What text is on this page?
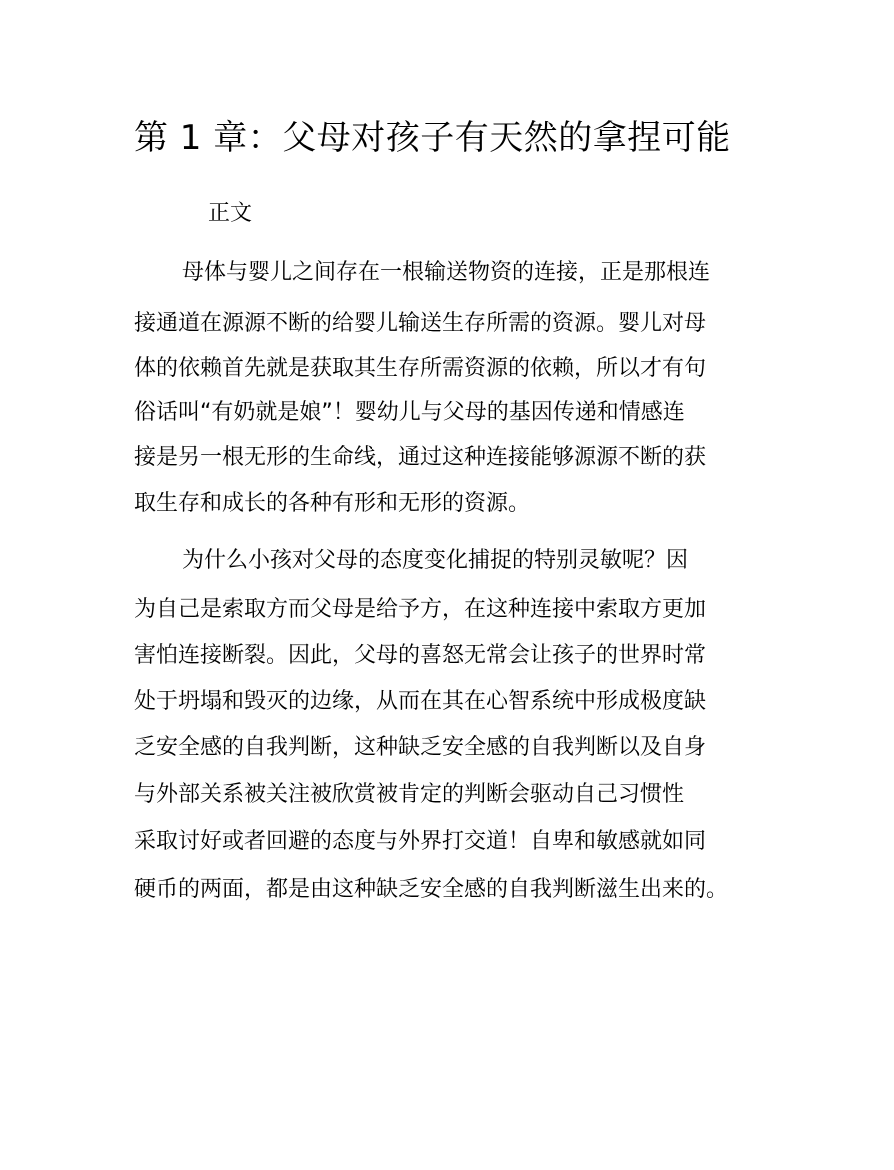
第 1 章：父母对孩子有天然的拿捏可能
正文

母体与婴儿之间存在一根输送物资的连接，正是那根连

接通道在源源不断的给婴儿输送生存所需的资源。婴儿对母

体的依赖首先就是获取其生存所需资源的依赖，所以才有句

俗话叫“有奶就是娘”！婴幼儿与父母的基因传递和情感连

接是另一根无形的生命线，通过这种连接能够源源不断的获

取生存和成长的各种有形和无形的资源。

为什么小孩对父母的态度变化捕捉的特别灵敏呢？因

为自己是索取方而父母是给予方，在这种连接中索取方更加

害怕连接断裂。因此，父母的喜怒无常会让孩子的世界时常

处于坍塌和毁灭的边缘，从而在其在心智系统中形成极度缺

乏安全感的自我判断，这种缺乏安全感的自我判断以及自身

与外部关系被关注被欣赏被肯定的判断会驱动自己习惯性

采取讨好或者回避的态度与外界打交道！自卑和敏感就如同

硬币的两面，都是由这种缺乏安全感的自我判断滋生出来的。
